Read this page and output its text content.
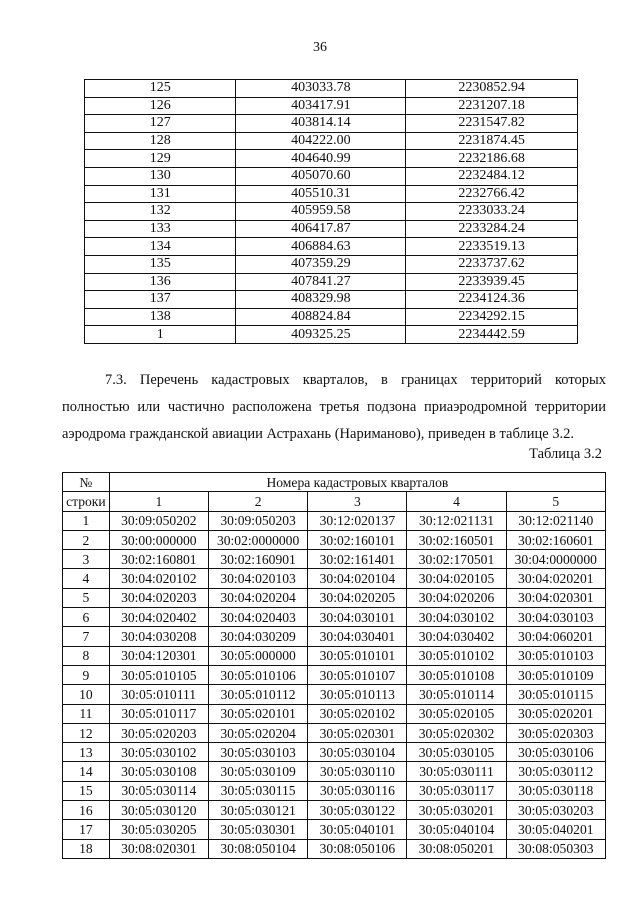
36
125	403033.78	2230852.94
126	403417.91	2231207.18
127	403814.14	2231547.82
128	404222.00	2231874.45
129	404640.99	2232186.68
130	405070.60	2232484.12
131	405510.31	2232766.42
132	405959.58	2233033.24
133	406417.87	2233284.24
134	406884.63	2233519.13
135	407359.29	2233737.62
136	407841.27	2233939.45
137	408329.98	2234124.36
138	408824.84	2234292.15
1	409325.25	2234442.59
7.3. Перечень кадастровых кварталов, в границах территорий которых полностью или частично расположена третья подзона приаэродромной территории аэродрома гражданской авиации Астрахань (Нариманово), приведен в таблице 3.2.
Таблица 3.2
№	Номера кадастровых кварталов				
строки	1	2	3	4	5
1	30:09:050202	30:09:050203	30:12:020137	30:12:021131	30:12:021140
2	30:00:000000	30:02:0000000	30:02:160101	30:02:160501	30:02:160601
3	30:02:160801	30:02:160901	30:02:161401	30:02:170501	30:04:0000000
4	30:04:020102	30:04:020103	30:04:020104	30:04:020105	30:04:020201
5	30:04:020203	30:04:020204	30:04:020205	30:04:020206	30:04:020301
6	30:04:020402	30:04:020403	30:04:030101	30:04:030102	30:04:030103
7	30:04:030208	30:04:030209	30:04:030401	30:04:030402	30:04:060201
8	30:04:120301	30:05:000000	30:05:010101	30:05:010102	30:05:010103
9	30:05:010105	30:05:010106	30:05:010107	30:05:010108	30:05:010109
10	30:05:010111	30:05:010112	30:05:010113	30:05:010114	30:05:010115
11	30:05:010117	30:05:020101	30:05:020102	30:05:020105	30:05:020201
12	30:05:020203	30:05:020204	30:05:020301	30:05:020302	30:05:020303
13	30:05:030102	30:05:030103	30:05:030104	30:05:030105	30:05:030106
14	30:05:030108	30:05:030109	30:05:030110	30:05:030111	30:05:030112
15	30:05:030114	30:05:030115	30:05:030116	30:05:030117	30:05:030118
16	30:05:030120	30:05:030121	30:05:030122	30:05:030201	30:05:030203
17	30:05:030205	30:05:030301	30:05:040101	30:05:040104	30:05:040201
18	30:08:020301	30:08:050104	30:08:050106	30:08:050201	30:08:050303
